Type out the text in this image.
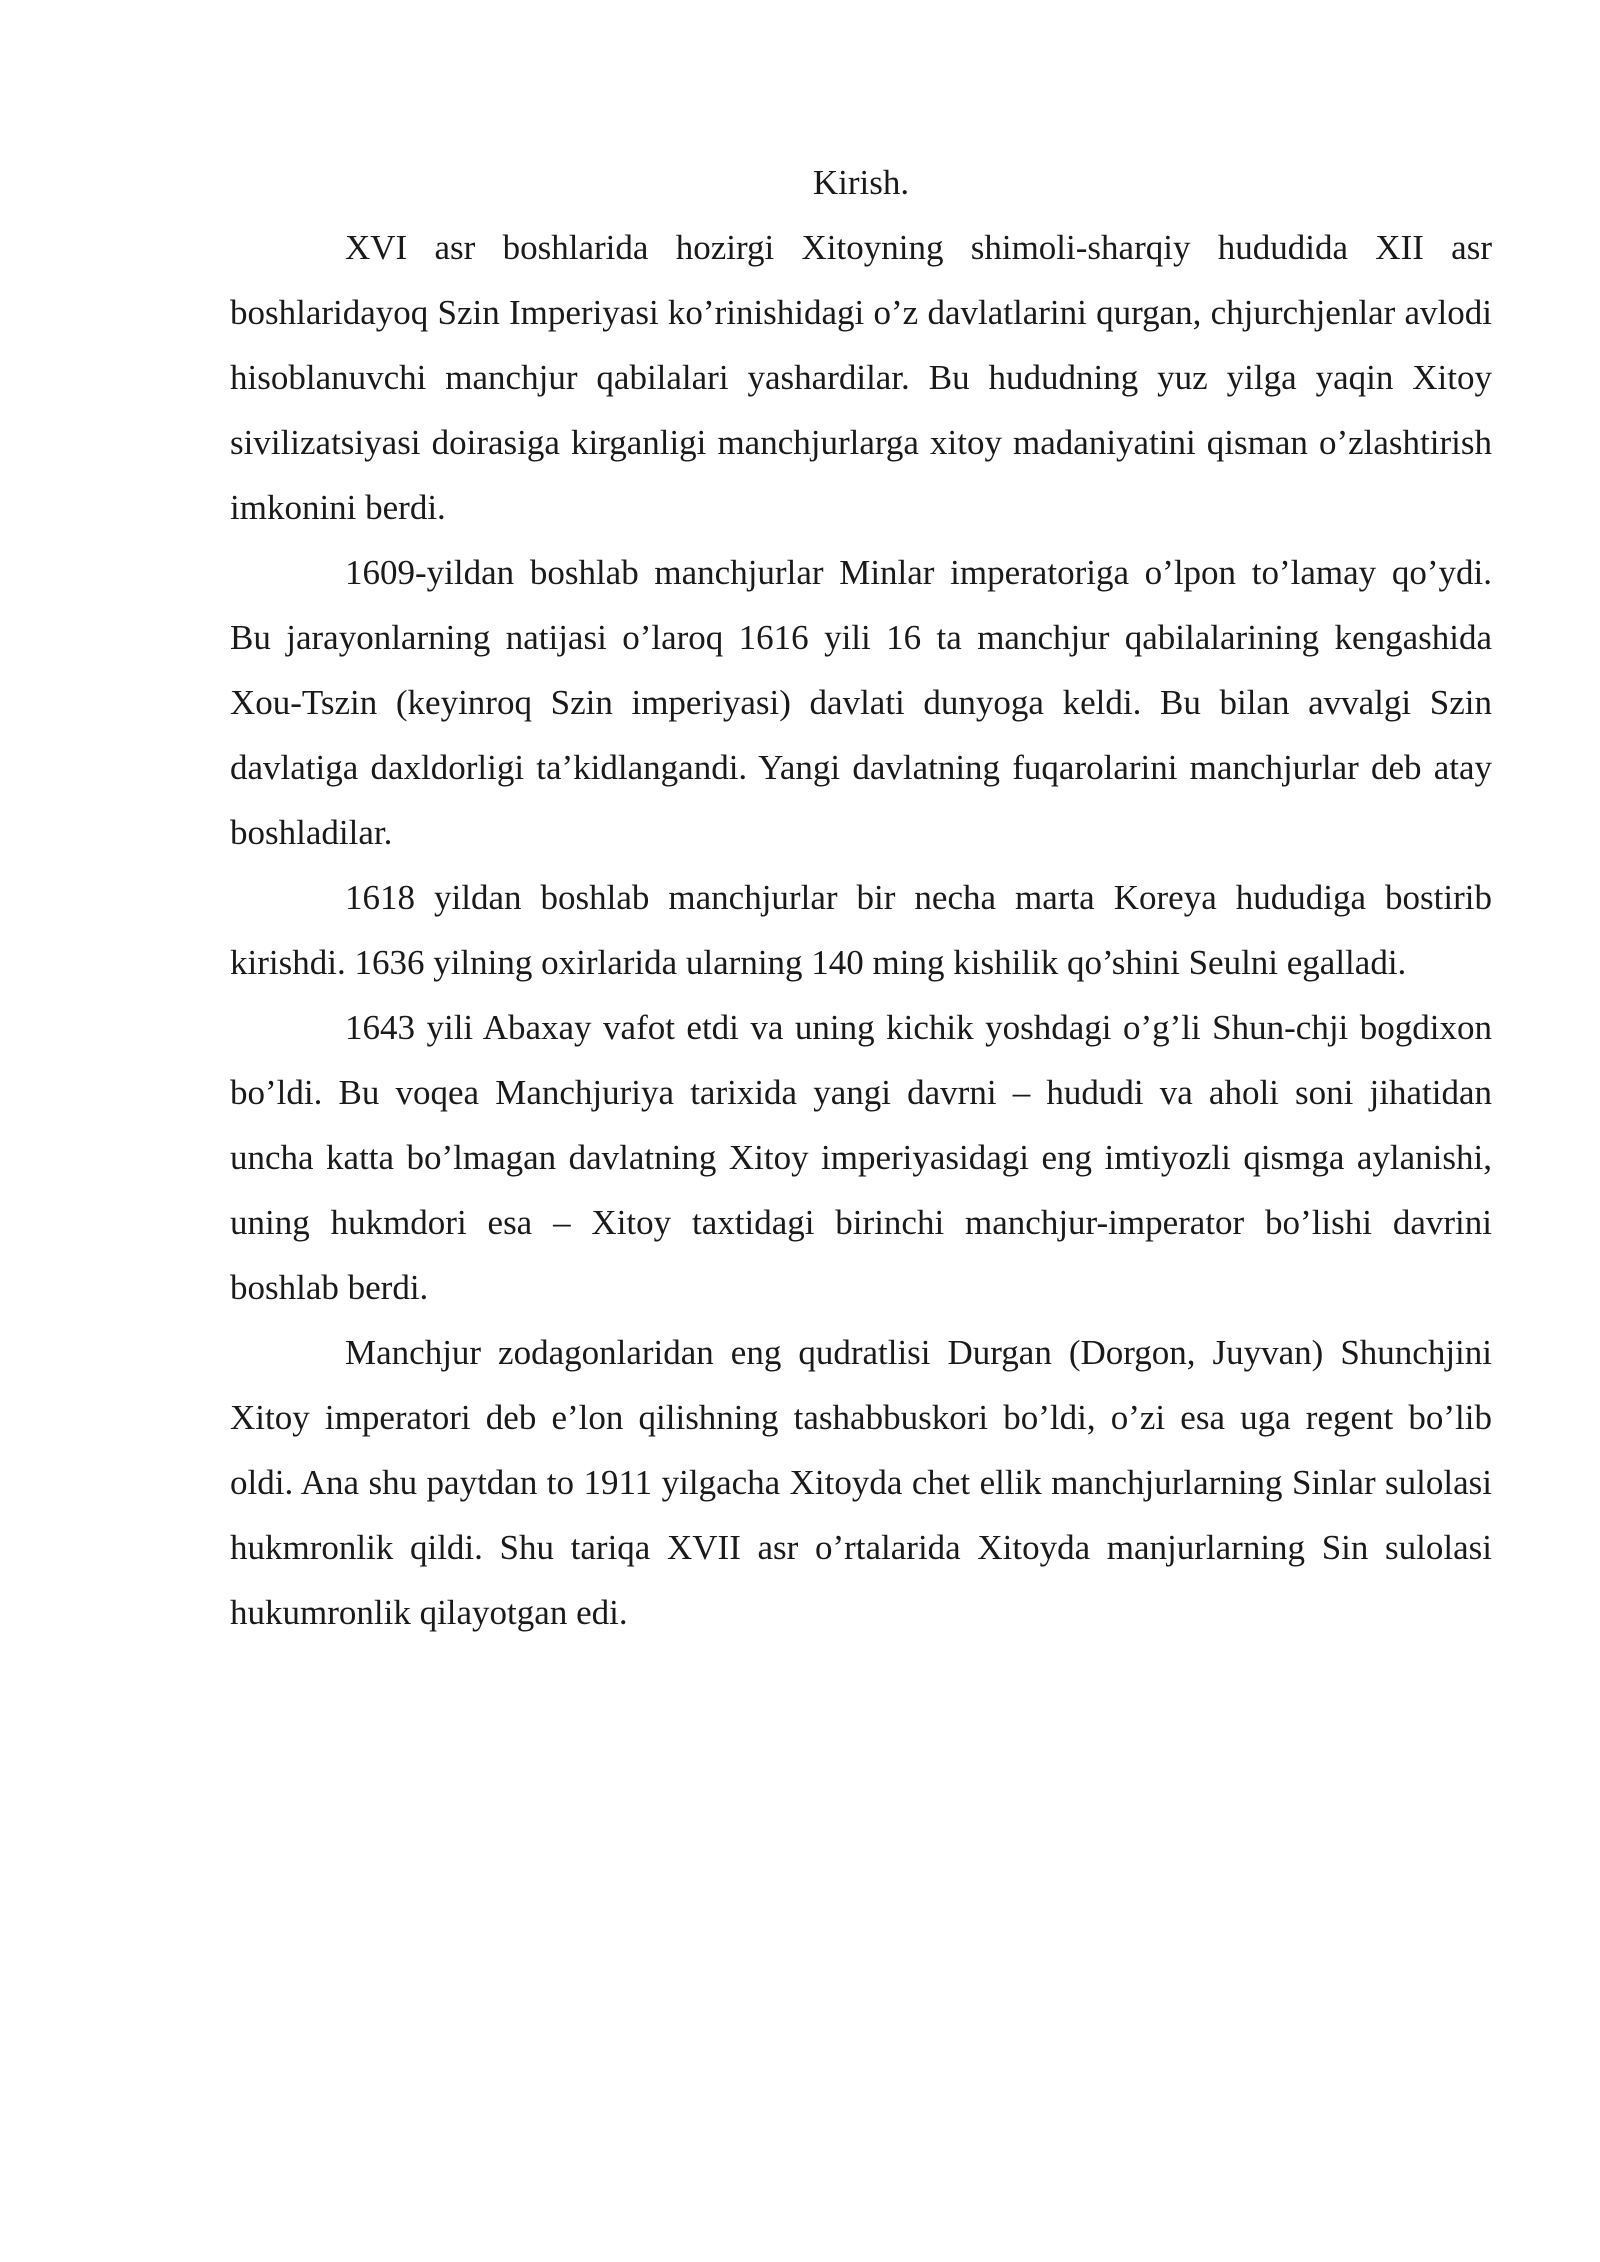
Kirish.

XVI asr boshlarida hozirgi Xitoyning shimoli-sharqiy hududida XII asr boshlaridayoq Szin Imperiyasi ko’rinishidagi o’z davlatlarini qurgan, chjurchjenlar avlodi hisoblanuvchi manchjur qabilalari yashardilar. Bu hududning yuz yilga yaqin Xitoy sivilizatsiyasi doirasiga kirganligi manchjurlarga xitoy madaniyatini qisman o’zlashtirish imkonini berdi.

1609-yildan boshlab manchjurlar Minlar imperatoriga o’lpon to’lamay qo’ydi. Bu jarayonlarning natijasi o’laroq 1616 yili 16 ta manchjur qabilalarining kengashida Xou-Tszin (keyinroq Szin imperiyasi) davlati dunyoga keldi. Bu bilan avvalgi Szin davlatiga daxldorligi ta’kidlangandi. Yangi davlatning fuqarolarini manchjurlar deb atay boshladilar.

1618 yildan boshlab manchjurlar bir necha marta Koreya hududiga bostirib kirishdi. 1636 yilning oxirlarida ularning 140 ming kishilik qo’shini Seulni egalladi.

1643 yili Abaxay vafot etdi va uning kichik yoshdagi o’g’li Shun-chji bogdixon bo’ldi. Bu voqea Manchjuriya tarixida yangi davrni – hududi va aholi soni jihatidan uncha katta bo’lmagan davlatning Xitoy imperiyasidagi eng imtiyozli qismga aylanishi, uning hukmdori esa – Xitoy taxtidagi birinchi manchjur-imperator bo’lishi davrini boshlab berdi.

Manchjur zodagonlaridan eng qudratlisi Durgan (Dorgon, Juyvan) Shunchjini Xitoy imperatori deb e’lon qilishning tashabbuskori bo’ldi, o’zi esa uga regent bo’lib oldi. Ana shu paytdan to 1911 yilgacha Xitoyda chet ellik manchjurlarning Sinlar sulolasi hukmronlik qildi. Shu tariqa XVII asr o’rtalarida Xitoyda manjurlarning Sin sulolasi hukumronlik qilayotgan edi.
